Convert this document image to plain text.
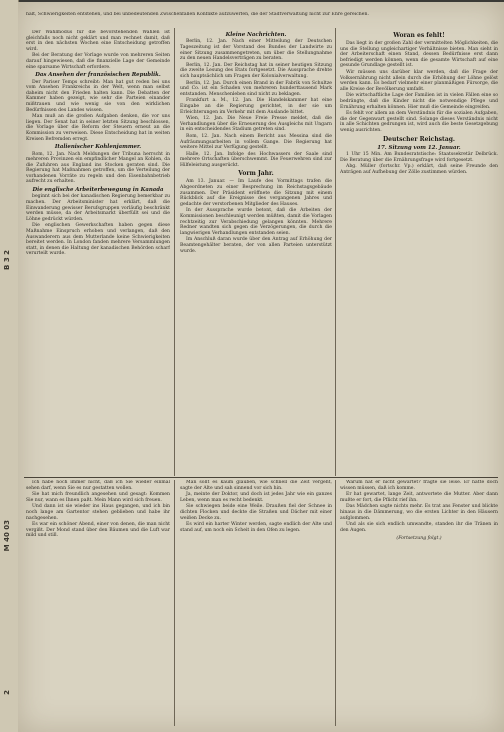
B 3 2
M 40 03
2
halt, Schwierigkeiten entstehen, und bei unbedeutenden Zwischenfällen Konflikte aufzuwerfen, die der Stadtverwaltung nicht zur Ehre gereichen.

Der Wahlmodus für die bevorstehenden Wahlen ist gleichfalls noch nicht geklärt und man rechnet damit, daß erst in den nächsten Wochen eine Entscheidung getroffen wird.

Bei der Beratung der Vorlage wurde von mehreren Seiten darauf hingewiesen, daß die finanzielle Lage der Gemeinde eine sparsame Wirtschaft erfordere.

Das Ansehen der französischen Republik.

Der Pariser Temps schreibt: Man hat gut reden bei uns vom Ansehen Frankreichs in der Welt, wenn man selbst daheim nicht den Frieden halten kann. Die Debatten der Kammer haben gezeigt, wie sehr die Parteien einander mißtrauen und wie wenig sie von den wirklichen Bedürfnissen des Landes wissen.

Man muß an die großen Aufgaben denken, die vor uns liegen. Der Senat hat in seiner letzten Sitzung beschlossen, die Vorlage über die Reform der Steuern erneut an die Kommission zu verweisen. Diese Entscheidung hat in weiten Kreisen Befremden erregt.

Italienischer Kohlenjammer.

Rom, 12. Jan. Nach Meldungen der Tribuna herrscht in mehreren Provinzen ein empfindlicher Mangel an Kohlen, da die Zufuhren aus England ins Stocken geraten sind. Die Regierung hat Maßnahmen getroffen, um die Verteilung der vorhandenen Vorräte zu regeln und den Eisenbahnbetrieb aufrecht zu erhalten.

Die englische Arbeiterbewegung in Kanada

beginnt sich bei der kanadischen Regierung bemerkbar zu machen. Der Arbeitsminister hat erklärt, daß die Einwanderung gewisser Berufsgruppen vorläufig beschränkt werden müsse, da der Arbeitsmarkt überfüllt sei und die Löhne gedrückt würden.

Die englischen Gewerkschaften haben gegen diese Maßnahme Einspruch erhoben und verlangen, daß den Auswanderern aus dem Mutterlande keine Schwierigkeiten bereitet werden. In London fanden mehrere Versammlungen statt, in denen die Haltung der kanadischen Behörden scharf verurteilt wurde.

Kleine Nachrichten.

Berlin, 12. Jan. Nach einer Mitteilung der Deutschen Tageszeitung ist der Vorstand des Bundes der Landwirte zu einer Sitzung zusammengetreten, um über die Stellungnahme zu den neuen Handelsverträgen zu beraten.

Berlin, 12. Jan. Der Reichstag hat in seiner heutigen Sitzung die zweite Lesung des Etats fortgesetzt. Die Aussprache drehte sich hauptsächlich um Fragen der Kolonialverwaltung.

Berlin, 12. Jan. Durch einen Brand in der Fabrik von Schultze und Co. ist ein Schaden von mehreren hunderttausend Mark entstanden. Menschenleben sind nicht zu beklagen.

Frankfurt a. M., 12. Jan. Die Handelskammer hat eine Eingabe an die Regierung gerichtet, in der sie um Erleichterungen im Verkehr mit dem Auslande bittet.

Wien, 12. Jan. Die Neue Freie Presse meldet, daß die Verhandlungen über die Erneuerung des Ausgleichs mit Ungarn in ein entscheidendes Stadium getreten sind.

Rom, 12. Jan. Nach einem Bericht aus Messina sind die Aufräumungsarbeiten in vollem Gange. Die Regierung hat weitere Mittel zur Verfügung gestellt.

Halle, 12. Jan. Infolge des Hochwassers der Saale sind mehrere Ortschaften überschwemmt. Die Feuerwehren sind zur Hilfeleistung ausgerückt.

Vorm Jahr.

Am 13. Januar. — Im Laufe des Vormittags trafen die Abgeordneten zu einer Besprechung im Reichstagsgebäude zusammen. Der Präsident eröffnete die Sitzung mit einem Rückblick auf die Ereignisse des vergangenen Jahres und gedachte der verstorbenen Mitglieder des Hauses.

In der Aussprache wurde betont, daß die Arbeiten der Kommissionen beschleunigt werden müßten, damit die Vorlagen rechtzeitig zur Verabschiedung gelangen könnten. Mehrere Redner wandten sich gegen die Verzögerungen, die durch die langwierigen Verhandlungen entstanden seien.

Im Anschluß daran wurde über den Antrag auf Erhöhung der Beamtengehälter beraten, der von allen Parteien unterstützt wurde.

Woran es fehlt!

Das liegt in der großen Zahl der vermittelten Möglichkeiten, die uns die Stellung ungleichartiger Verhältnisse bieten. Man sieht in der Arbeiterschaft einen Stand, dessen Bedürfnisse erst dann befriedigt werden können, wenn die gesamte Wirtschaft auf eine gesunde Grundlage gestellt ist.

Wir müssen uns darüber klar werden, daß die Frage der Volksernährung nicht allein durch die Erhöhung der Löhne gelöst werden kann. Es bedarf vielmehr einer planmäßigen Fürsorge, die alle Kreise der Bevölkerung umfaßt.

Die wirtschaftliche Lage der Familien ist in vielen Fällen eine so bedrängte, daß die Kinder nicht die notwendige Pflege und Ernährung erhalten können. Hier muß die Gemeinde eingreifen.

Es fehlt vor allem an dem Verständnis für die sozialen Aufgaben, die der Gegenwart gestellt sind. Solange dieses Verständnis nicht in alle Schichten gedrungen ist, wird auch die beste Gesetzgebung wenig ausrichten.

Deutscher Reichstag.
17. Sitzung vom 12. Januar.

1 Uhr 15 Min. Am Bundesratstische: Staatssekretär Delbrück. Die Beratung über die Ernährungsfrage wird fortgesetzt.

Abg. Müller (fortschr. Vp.) erklärt, daß seine Freunde den Anträgen auf Aufhebung der Zölle zustimmen würden.

Ich habe noch immer nicht, daß ich Sie wieder einmal sehen darf, wenn Sie es nur gestatten wollen.

Sie hat mich freundlich angesehen und gesagt: Kommen Sie nur, wann es Ihnen paßt. Mein Mann wird sich freuen.

Und dann ist sie wieder ins Haus gegangen, und ich bin noch lange am Gartentor stehen geblieben und habe ihr nachgesehen.

Es war ein schöner Abend, einer von denen, die man nicht vergißt. Der Mond stand über den Bäumen und die Luft war mild und still.

Man sollt es kaum glauben, wie schnell die Zeit vergeht, sagte der Alte und sah sinnend vor sich hin.

Ja, meinte der Doktor, und doch ist jedes Jahr wie ein ganzes Leben, wenn man es recht bedenkt.

Sie schwiegen beide eine Weile. Draußen fiel der Schnee in dichten Flocken und deckte die Straßen und Dächer mit einer weißen Decke zu.

Es wird ein harter Winter werden, sagte endlich der Alte und stand auf, um noch ein Scheit in den Ofen zu legen.

Warum hat er nicht gewartet? fragte sie leise. Er hätte doch wissen müssen, daß ich komme.

Er hat gewartet, lange Zeit, antwortete die Mutter. Aber dann mußte er fort, die Pflicht rief ihn.

Das Mädchen sagte nichts mehr. Es trat ans Fenster und blickte hinaus in die Dämmerung, wo die ersten Lichter in den Häusern aufglommen.

Und als sie sich endlich umwandte, standen ihr die Tränen in den Augen.

(Fortsetzung folgt.)
